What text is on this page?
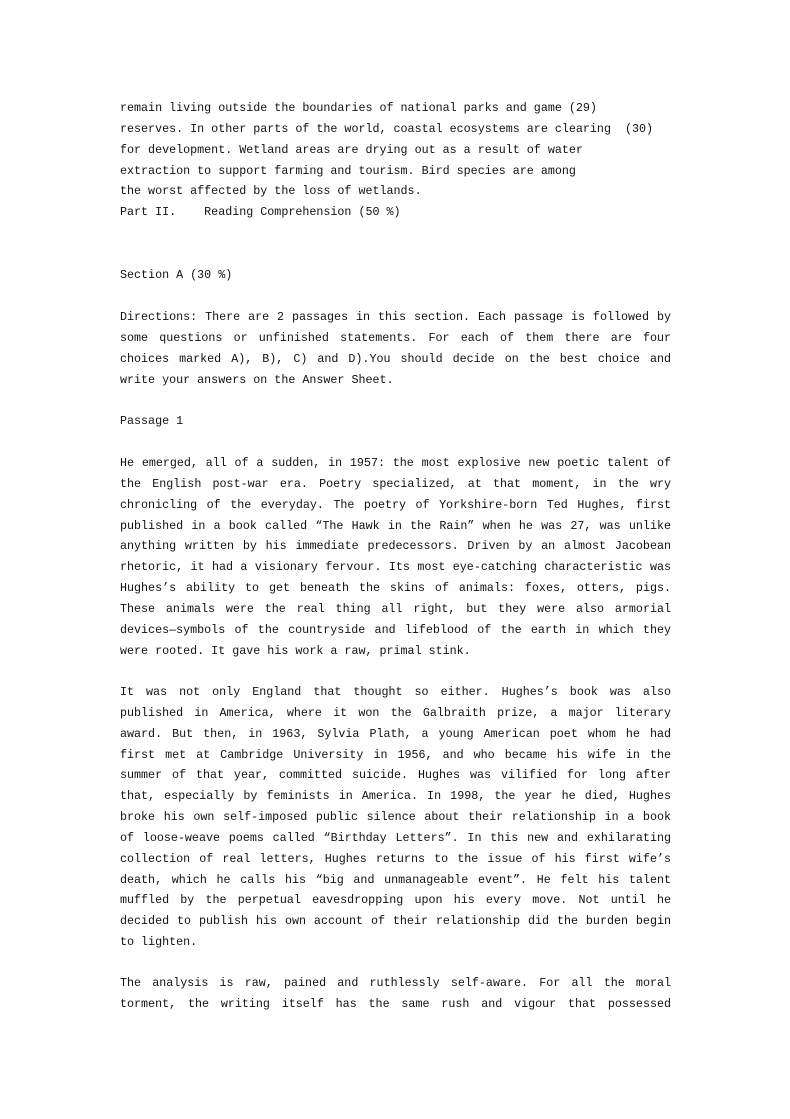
remain living outside the boundaries of national parks and game (29)
reserves. In other parts of the world, coastal ecosystems are clearing  (30)
for development. Wetland areas are drying out as a result of water
extraction to support farming and tourism. Bird species are among
the worst affected by the loss of wetlands.
Part II.    Reading Comprehension (50 %)
Section A (30 %)
Directions: There are 2 passages in this section. Each passage is followed by
some questions or unfinished statements. For each of them there are four
choices marked A), B), C) and D).You should decide on the best choice and
write your answers on the Answer Sheet.
Passage 1
He emerged, all of a sudden, in 1957: the most explosive new poetic talent of
the English post-war era. Poetry specialized, at that moment, in the wry
chronicling of the everyday. The poetry of Yorkshire-born Ted Hughes, first
published in a book called “The Hawk in the Rain” when he was 27, was unlike
anything written by his immediate predecessors. Driven by an almost Jacobean
rhetoric, it had a visionary fervour. Its most eye-catching characteristic was
Hughes’s ability to get beneath the skins of animals: foxes, otters, pigs.
These animals were the real thing all right, but they were also armorial
devices—symbols of the countryside and lifeblood of the earth in which they
were rooted. It gave his work a raw, primal stink.
It was not only England that thought so either. Hughes’s book was also
published in America, where it won the Galbraith prize, a major literary
award. But then, in 1963, Sylvia Plath, a young American poet whom he had
first met at Cambridge University in 1956, and who became his wife in the
summer of that year, committed suicide. Hughes was vilified for long after
that, especially by feminists in America. In 1998, the year he died, Hughes
broke his own self-imposed public silence about their relationship in a book
of loose-weave poems called “Birthday Letters”. In this new and exhilarating
collection of real letters, Hughes returns to the issue of his first wife’s
death, which he calls his “big and unmanageable event”. He felt his talent
muffled by the perpetual eavesdropping upon his every move. Not until he
decided to publish his own account of their relationship did the burden begin
to lighten.
The analysis is raw, pained and ruthlessly self-aware. For all the moral
torment, the writing itself has the same rush and vigour that possessed
